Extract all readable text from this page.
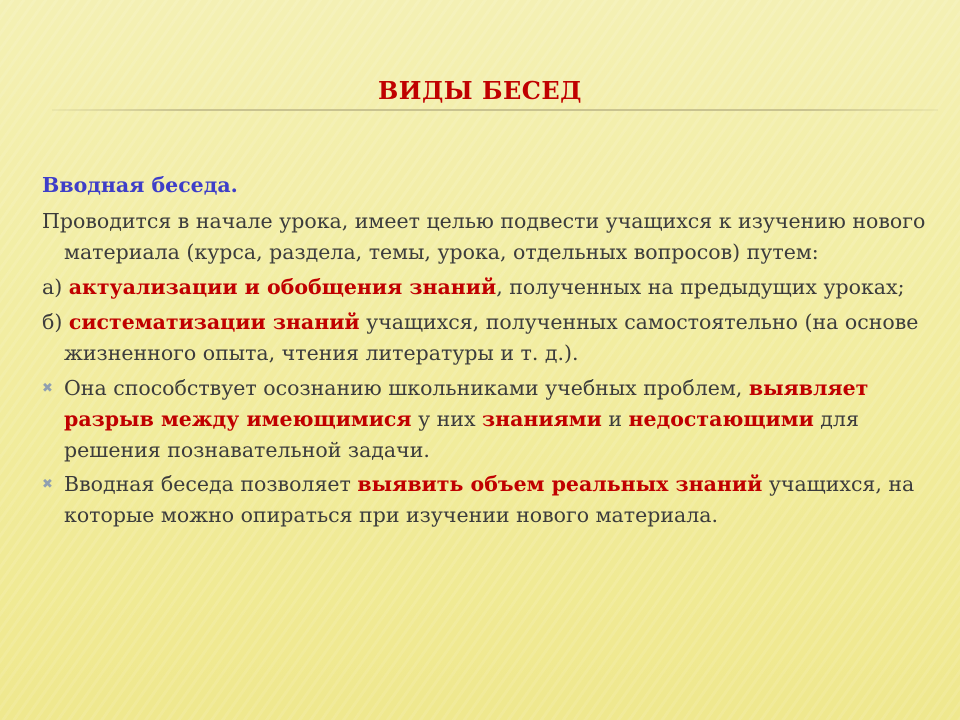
ВИДЫ БЕСЕД
Вводная беседа.
Проводится в начале урока, имеет целью подвести учащихся к изучению нового материала (курса, раздела, темы, урока, отдельных вопросов) путем:
а) актуализации и обобщения знаний, полученных на предыдущих уроках;
б) систематизации знаний учащихся, полученных самостоятельно (на основе жизненного опыта, чтения литературы и т. д.).
✖ Она способствует осознанию школьниками учебных проблем, выявляет разрыв между имеющимися у них знаниями и недостающими для решения познавательной задачи.
✖ Вводная беседа позволяет выявить объем реальных знаний учащихся, на которые можно опираться при изучении нового материала.
